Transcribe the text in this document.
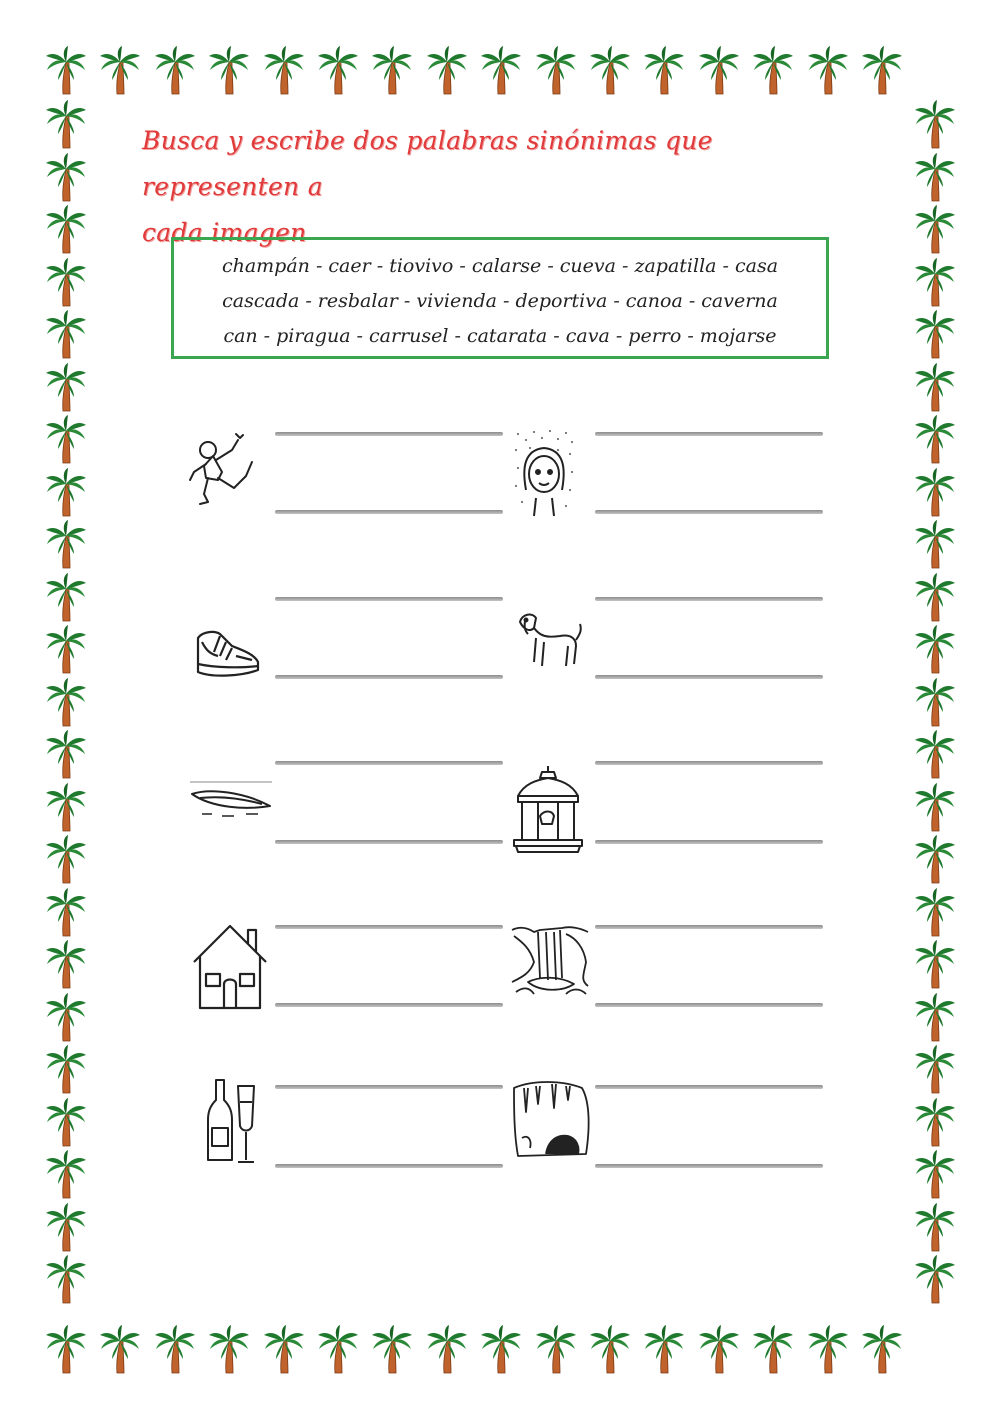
Busca y escribe dos palabras sinónimas que representen a
cada imagen
champán - caer - tiovivo - calarse - cueva - zapatilla - casa
cascada - resbalar - vivienda - deportiva - canoa - caverna
can - piragua - carrusel - catarata - cava - perro - mojarse
